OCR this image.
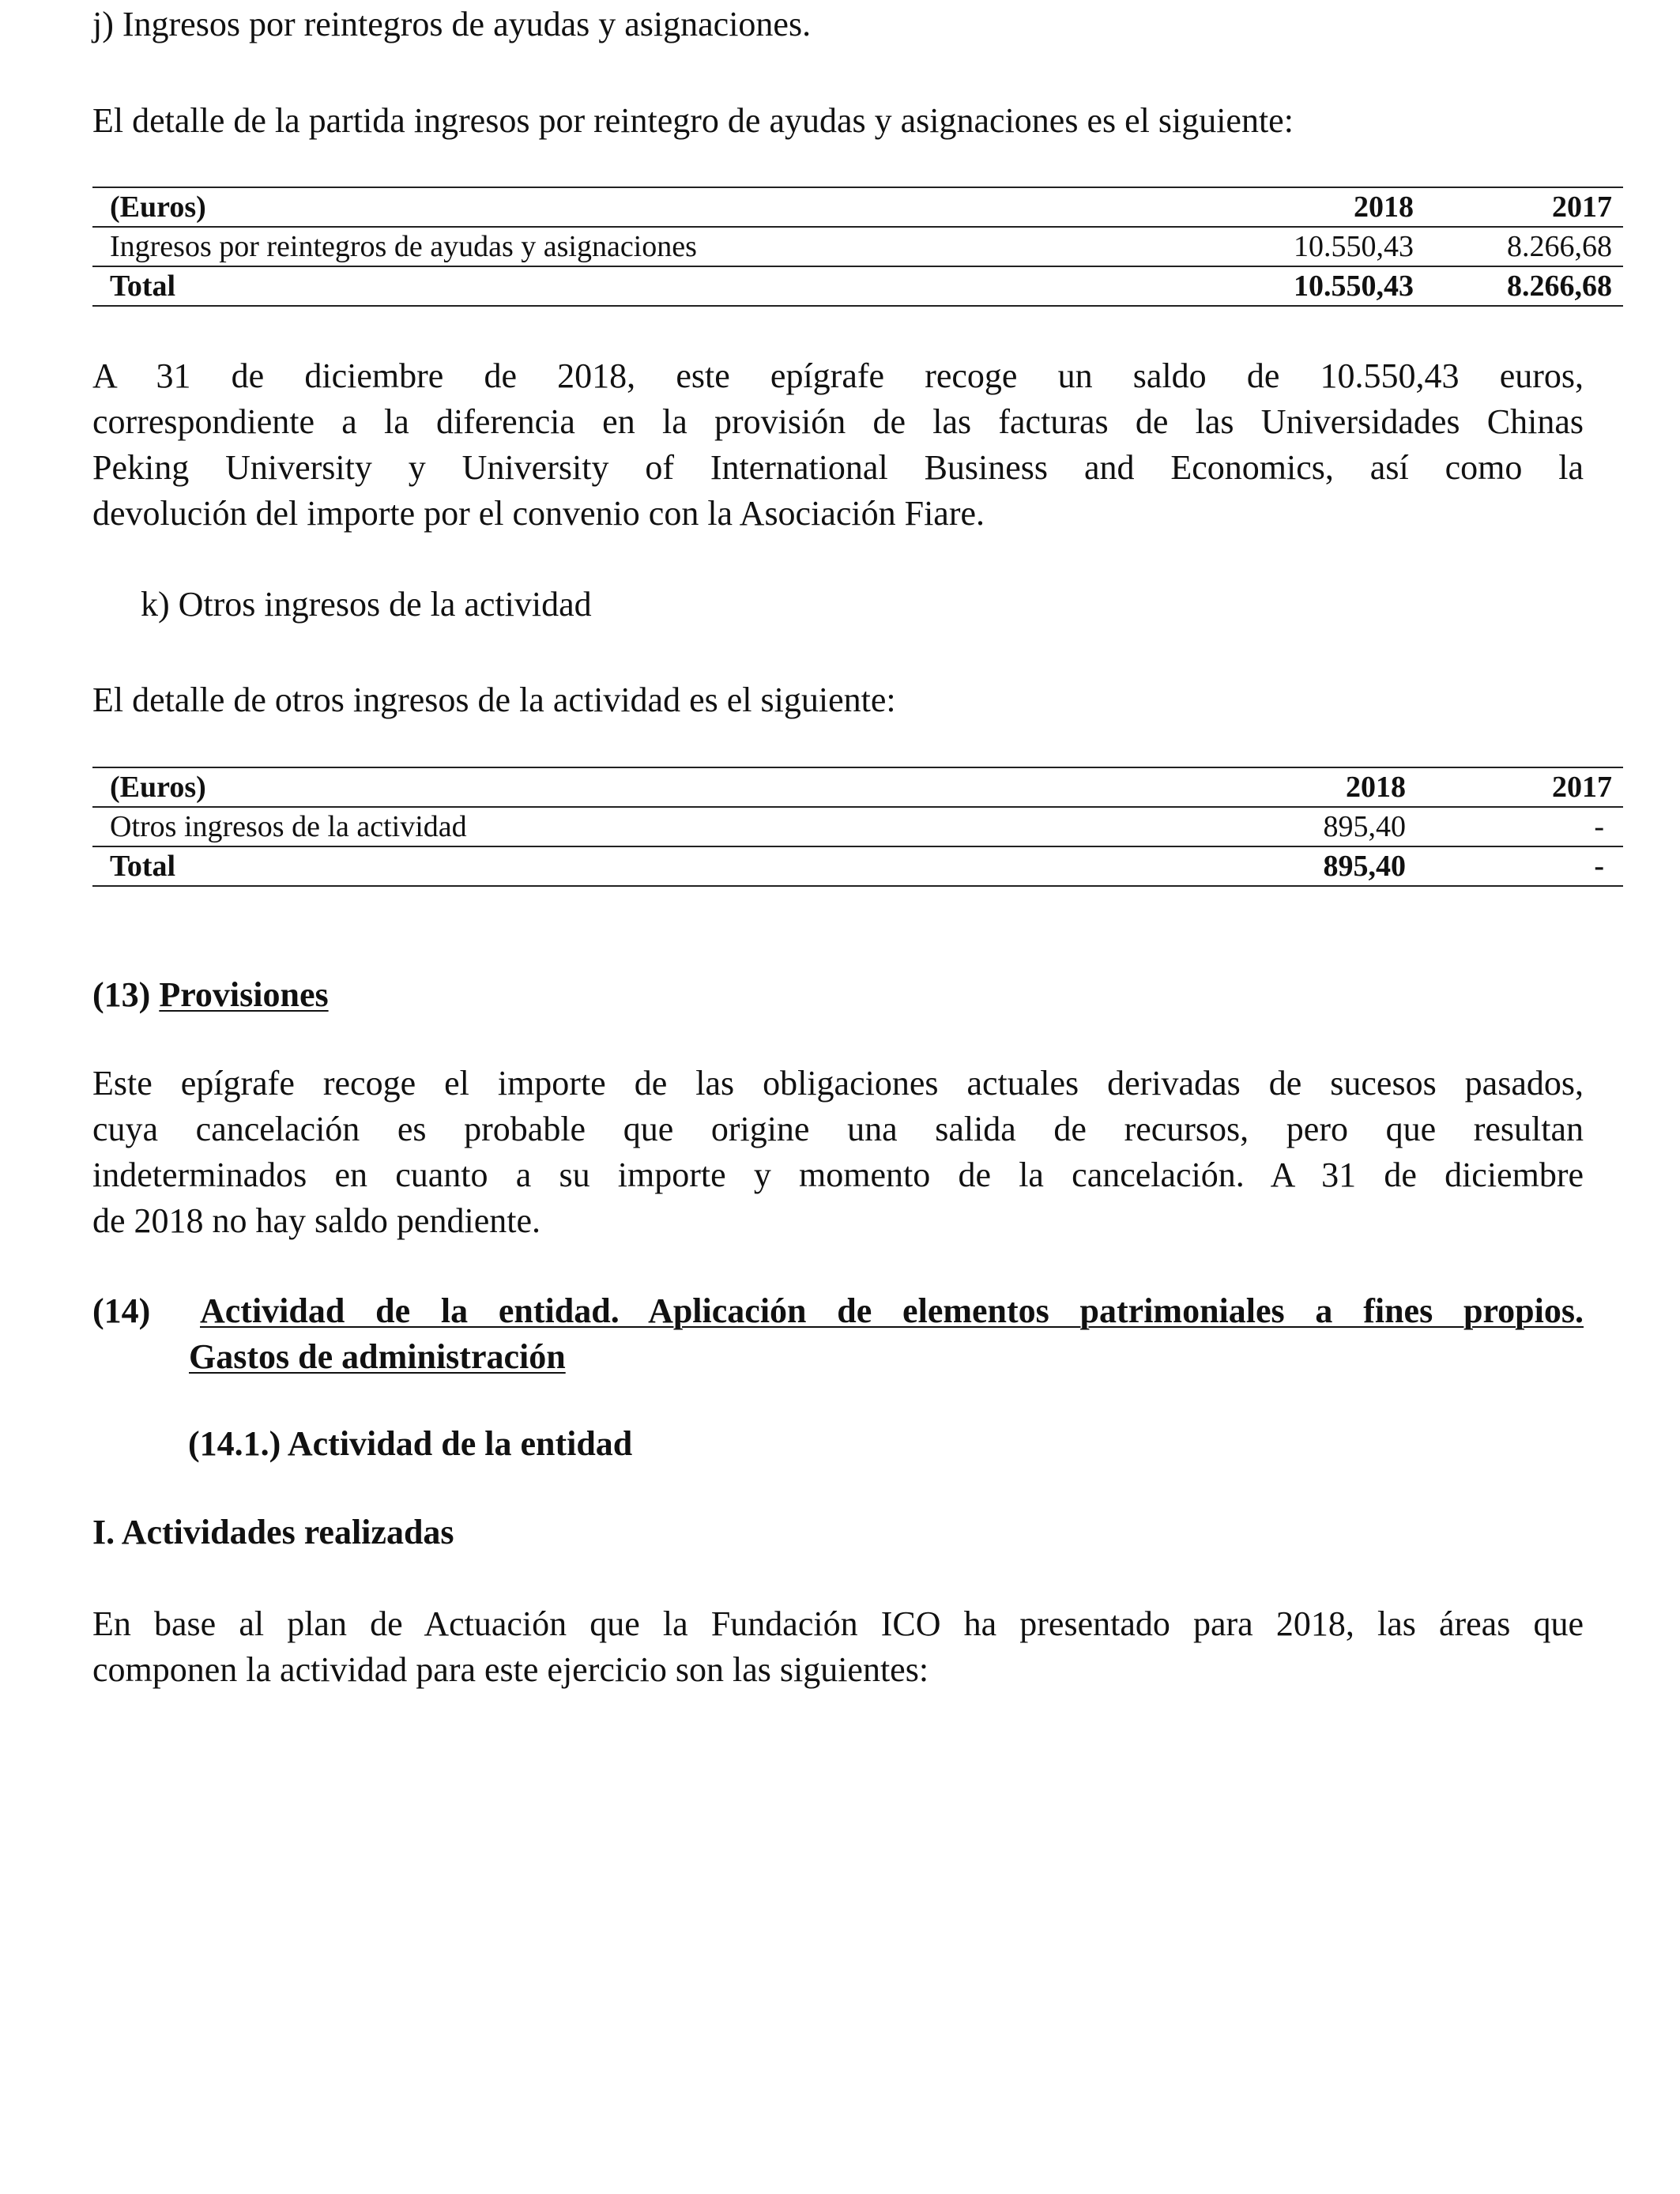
j) Ingresos por reintegros de ayudas y asignaciones.

El detalle de la partida ingresos por reintegro de ayudas y asignaciones es el siguiente:

(Euros)	2018	2017
Ingresos por reintegros de ayudas y asignaciones	10.550,43	8.266,68
Total	10.550,43	8.266,68
A 31 de diciembre de 2018, este epígrafe recoge un saldo de 10.550,43 euros,
correspondiente a la diferencia en la provisión de las facturas de las Universidades Chinas
Peking University y University of International Business and Economics, así como la
devolución del importe por el convenio con la Asociación Fiare.

k) Otros ingresos de la actividad

El detalle de otros ingresos de la actividad es el siguiente:

(Euros)	2018	2017
Otros ingresos de la actividad	895,40	-
Total	895,40	-

(13) Provisiones

Este epígrafe recoge el importe de las obligaciones actuales derivadas de sucesos pasados,
cuya cancelación es probable que origine una salida de recursos, pero que resultan
indeterminados en cuanto a su importe y momento de la cancelación. A 31 de diciembre
de 2018 no hay saldo pendiente.
(14) Actividad de la entidad. Aplicación de elementos patrimoniales a fines propios.
Gastos de administración

(14.1.) Actividad de la entidad

I. Actividades realizadas

En base al plan de Actuación que la Fundación ICO ha presentado para 2018, las áreas que
componen la actividad para este ejercicio son las siguientes:
